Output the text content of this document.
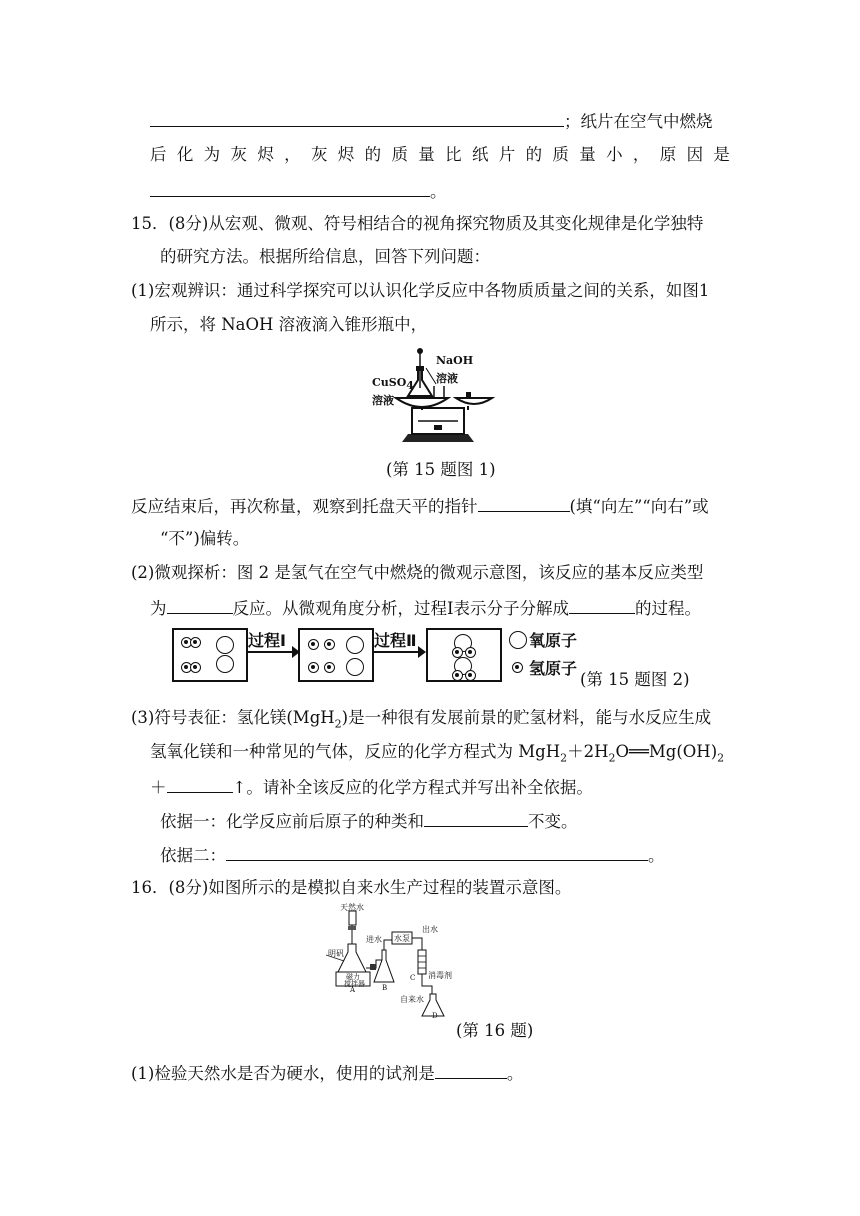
；纸片在空气中燃烧
后 化 为 灰 烬 ， 灰 烬 的 质 量 比 纸 片 的 质 量 小 ， 原 因 是
。
15．(8分)从宏观、微观、符号相结合的视角探究物质及其变化规律是化学独特
的研究方法。根据所给信息，回答下列问题：
(1)宏观辨识：通过科学探究可以认识化学反应中各物质质量之间的关系，如图1
所示，将 NaOH 溶液滴入锥形瓶中，
NaOH
溶液
CuSO$_4$
溶液
(第 15 题图 1)
反应结束后，再次称量，观察到托盘天平的指针	(填“向左”“向右”或
“不”)偏转。
(2)微观探析：图 2 是氢气在空气中燃烧的微观示意图，该反应的基本反应类型
为	反应。从微观角度分析，过程Ⅰ表示分子分解成	的过程。
过程Ⅰ	过程Ⅱ	氧原子
氢原子
(第 15 题图 2)
(3)符号表征：氢化镁(MgH$_2$)是一种很有发展前景的贮氢材料，能与水反应生成
氢氧化镁和一种常见的气体，反应的化学方程式为 $MgH_2+2H_2O══Mg(OH)_2$
＋	↑。请补全该反应的化学方程式并写出补全依据。
依据一：化学反应前后原子的种类和	不变。
依据二：	。
16．(8分)如图所示的是模拟自来水生产过程的装置示意图。
天然水
明矾
磁力
搅拌器
进水 水泵
出水
消毒剂
自来水
A	B
C
D
(第 16 题)
(1)检验天然水是否为硬水，使用的试剂是	。
